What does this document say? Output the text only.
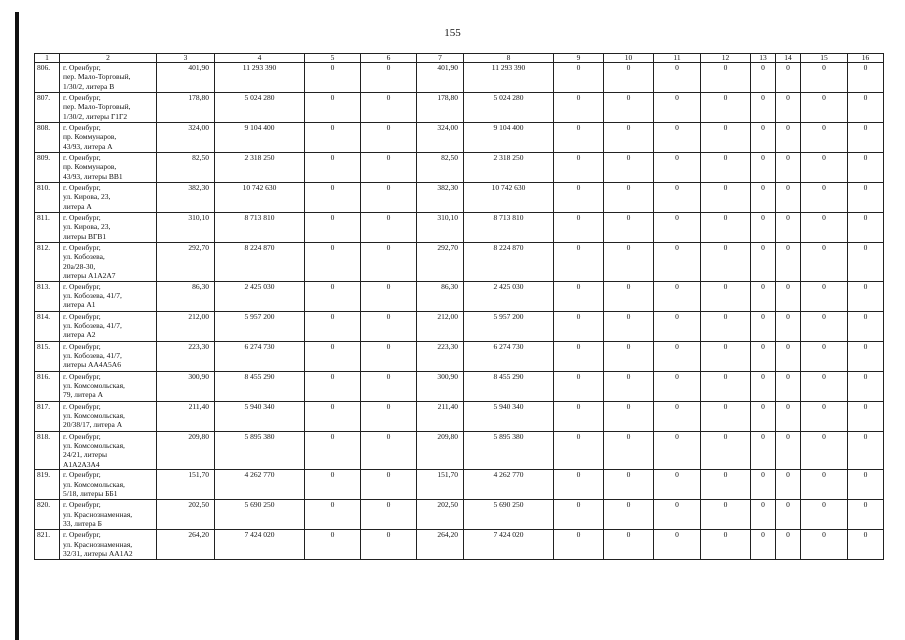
155
1	2	3	4	5	6	7	8	9	10	11	12	13	14	15	16
806.	г. Оренбург,
пер. Мало-Торговый,
1/30/2, литера В	401,90	11 293 390	0	0	401,90	11 293 390	0	0	0	0	0	0	0	0
807.	г. Оренбург,
пер. Мало-Торговый,
1/30/2, литеры Г1Г2	178,80	5 024 280	0	0	178,80	5 024 280	0	0	0	0	0	0	0	0
808.	г. Оренбург,
пр. Коммунаров,
43/93, литера А	324,00	9 104 400	0	0	324,00	9 104 400	0	0	0	0	0	0	0	0
809.	г. Оренбург,
пр. Коммунаров,
43/93, литеры ВВ1	82,50	2 318 250	0	0	82,50	2 318 250	0	0	0	0	0	0	0	0
810.	г. Оренбург,
ул. Кирова, 23,
литера А	382,30	10 742 630	0	0	382,30	10 742 630	0	0	0	0	0	0	0	0
811.	г. Оренбург,
ул. Кирова, 23,
литеры ВГВ1	310,10	8 713 810	0	0	310,10	8 713 810	0	0	0	0	0	0	0	0
812.	г. Оренбург,
ул. Кобозева,
20a/28-30,
литеры А1А2А7	292,70	8 224 870	0	0	292,70	8 224 870	0	0	0	0	0	0	0	0
813.	г. Оренбург,
ул. Кобозева, 41/7,
литера А1	86,30	2 425 030	0	0	86,30	2 425 030	0	0	0	0	0	0	0	0
814.	г. Оренбург,
ул. Кобозева, 41/7,
литера А2	212,00	5 957 200	0	0	212,00	5 957 200	0	0	0	0	0	0	0	0
815.	г. Оренбург,
ул. Кобозева, 41/7,
литеры АА4А5А6	223,30	6 274 730	0	0	223,30	6 274 730	0	0	0	0	0	0	0	0
816.	г. Оренбург,
ул. Комсомольская,
79, литера А	300,90	8 455 290	0	0	300,90	8 455 290	0	0	0	0	0	0	0	0
817.	г. Оренбург,
ул. Комсомольская,
20/38/17, литера А	211,40	5 940 340	0	0	211,40	5 940 340	0	0	0	0	0	0	0	0
818.	г. Оренбург,
ул. Комсомольская,
24/21, литеры
А1А2А3А4	209,80	5 895 380	0	0	209,80	5 895 380	0	0	0	0	0	0	0	0
819.	г. Оренбург,
ул. Комсомольская,
5/18, литеры ББ1	151,70	4 262 770	0	0	151,70	4 262 770	0	0	0	0	0	0	0	0
820.	г. Оренбург,
ул. Краснознаменная,
33, литера Б	202,50	5 690 250	0	0	202,50	5 690 250	0	0	0	0	0	0	0	0
821.	г. Оренбург,
ул. Краснознаменная,
32/31, литеры АА1А2	264,20	7 424 020	0	0	264,20	7 424 020	0	0	0	0	0	0	0	0
